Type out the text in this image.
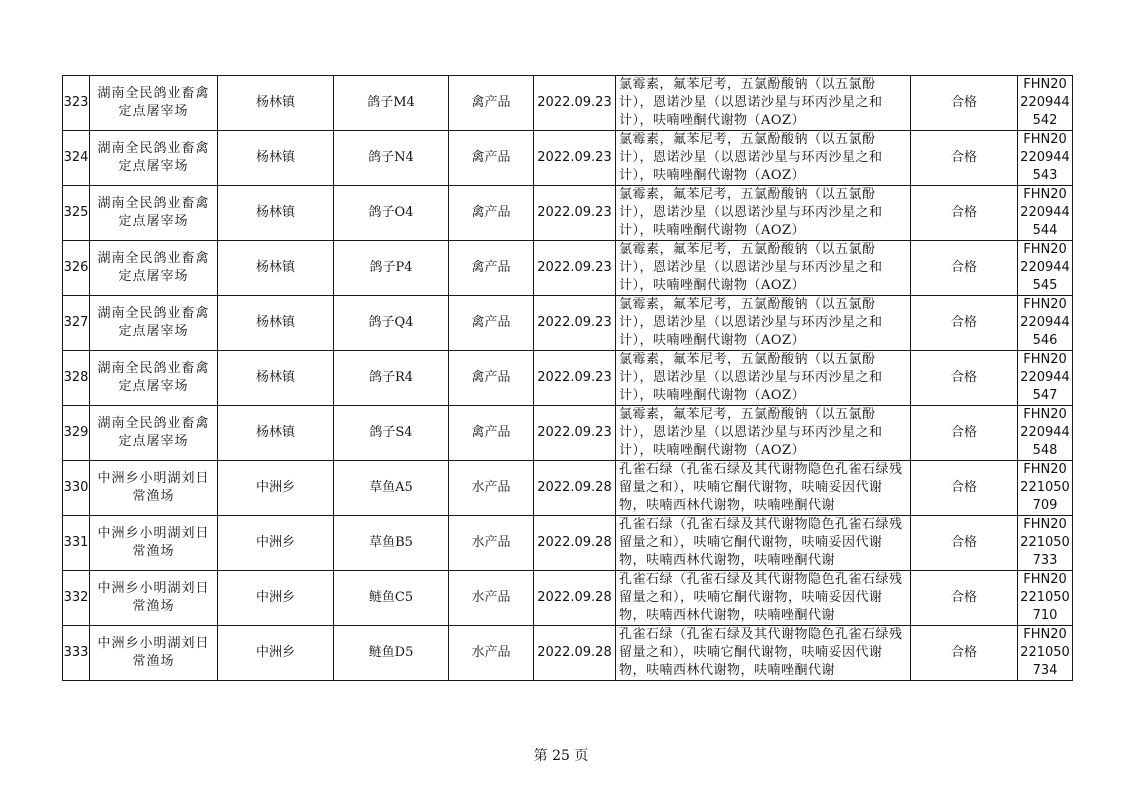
323	湖南全民鸽业畜禽定点屠宰场	杨林镇	鸽子M4	禽产品	2022.09.23	氯霉素，氟苯尼考，五氯酚酸钠（以五氯酚计），恩诺沙星（以恩诺沙星与环丙沙星之和计），呋喃唑酮代谢物（AOZ）	合格	FHN20220944542
324	湖南全民鸽业畜禽定点屠宰场	杨林镇	鸽子N4	禽产品	2022.09.23	氯霉素，氟苯尼考，五氯酚酸钠（以五氯酚计），恩诺沙星（以恩诺沙星与环丙沙星之和计），呋喃唑酮代谢物（AOZ）	合格	FHN20220944543
325	湖南全民鸽业畜禽定点屠宰场	杨林镇	鸽子O4	禽产品	2022.09.23	氯霉素，氟苯尼考，五氯酚酸钠（以五氯酚计），恩诺沙星（以恩诺沙星与环丙沙星之和计），呋喃唑酮代谢物（AOZ）	合格	FHN20220944544
326	湖南全民鸽业畜禽定点屠宰场	杨林镇	鸽子P4	禽产品	2022.09.23	氯霉素，氟苯尼考，五氯酚酸钠（以五氯酚计），恩诺沙星（以恩诺沙星与环丙沙星之和计），呋喃唑酮代谢物（AOZ）	合格	FHN20220944545
327	湖南全民鸽业畜禽定点屠宰场	杨林镇	鸽子Q4	禽产品	2022.09.23	氯霉素，氟苯尼考，五氯酚酸钠（以五氯酚计），恩诺沙星（以恩诺沙星与环丙沙星之和计），呋喃唑酮代谢物（AOZ）	合格	FHN20220944546
328	湖南全民鸽业畜禽定点屠宰场	杨林镇	鸽子R4	禽产品	2022.09.23	氯霉素，氟苯尼考，五氯酚酸钠（以五氯酚计），恩诺沙星（以恩诺沙星与环丙沙星之和计），呋喃唑酮代谢物（AOZ）	合格	FHN20220944547
329	湖南全民鸽业畜禽定点屠宰场	杨林镇	鸽子S4	禽产品	2022.09.23	氯霉素，氟苯尼考，五氯酚酸钠（以五氯酚计），恩诺沙星（以恩诺沙星与环丙沙星之和计），呋喃唑酮代谢物（AOZ）	合格	FHN20220944548
330	中洲乡小明湖刘日常渔场	中洲乡	草鱼A5	水产品	2022.09.28	孔雀石绿（孔雀石绿及其代谢物隐色孔雀石绿残留量之和），呋喃它酮代谢物，呋喃妥因代谢物，呋喃西林代谢物，呋喃唑酮代谢	合格	FHN20221050709
331	中洲乡小明湖刘日常渔场	中洲乡	草鱼B5	水产品	2022.09.28	孔雀石绿（孔雀石绿及其代谢物隐色孔雀石绿残留量之和），呋喃它酮代谢物，呋喃妥因代谢物，呋喃西林代谢物，呋喃唑酮代谢	合格	FHN20221050733
332	中洲乡小明湖刘日常渔场	中洲乡	鲢鱼C5	水产品	2022.09.28	孔雀石绿（孔雀石绿及其代谢物隐色孔雀石绿残留量之和），呋喃它酮代谢物，呋喃妥因代谢物，呋喃西林代谢物，呋喃唑酮代谢	合格	FHN20221050710
333	中洲乡小明湖刘日常渔场	中洲乡	鲢鱼D5	水产品	2022.09.28	孔雀石绿（孔雀石绿及其代谢物隐色孔雀石绿残留量之和），呋喃它酮代谢物，呋喃妥因代谢物，呋喃西林代谢物，呋喃唑酮代谢	合格	FHN20221050734
第 25 页
